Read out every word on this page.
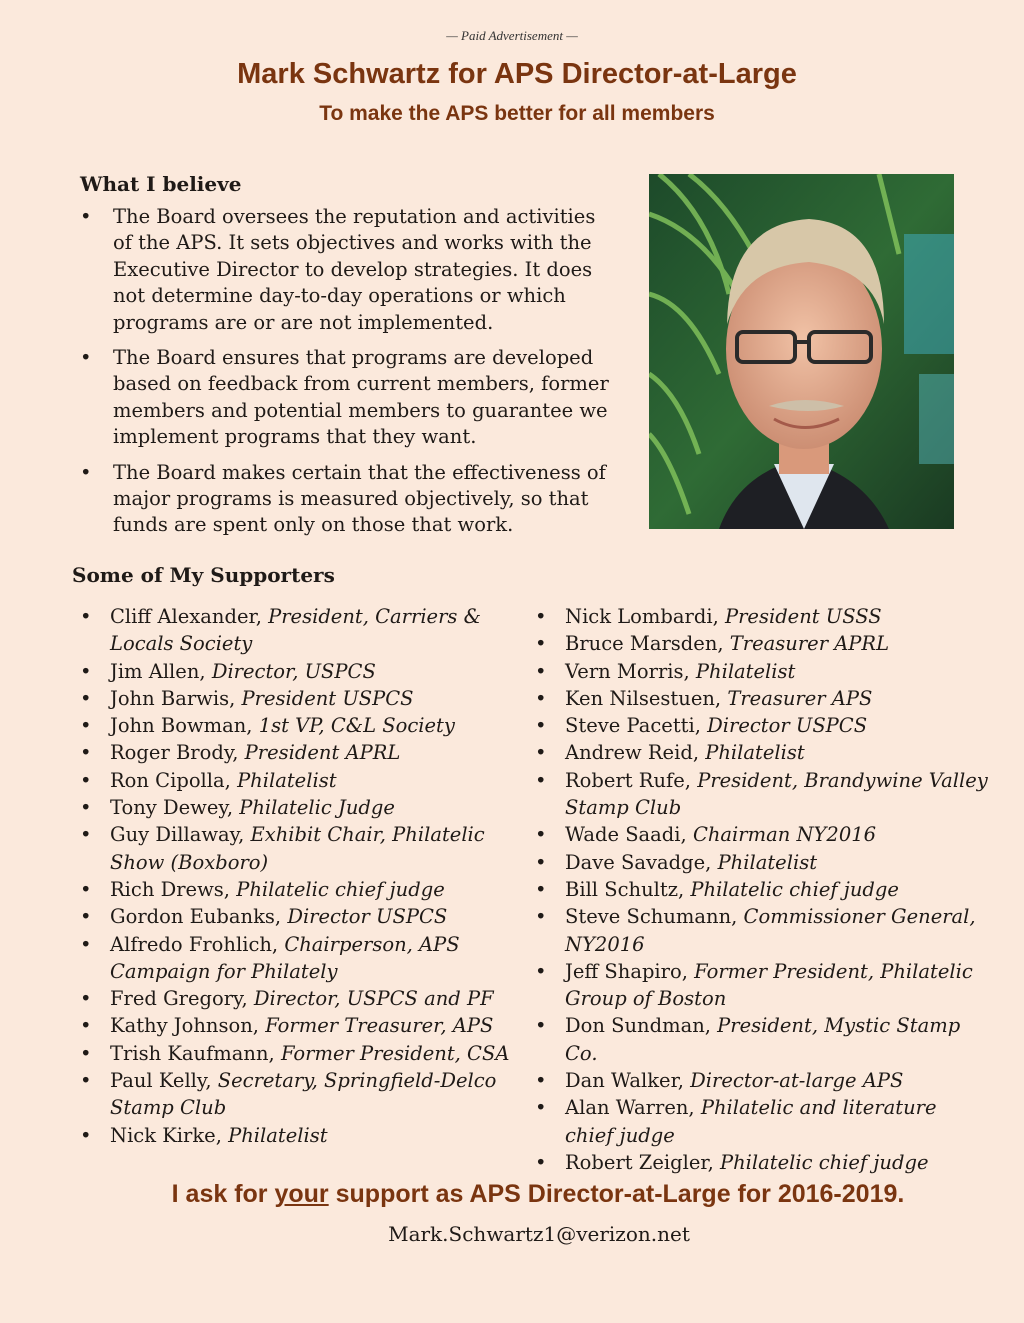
— Paid Advertisement —
Mark Schwartz for APS Director-at-Large
To make the APS better for all members
What I believe
• The Board oversees the reputation and activities of the APS. It sets objectives and works with the Executive Director to develop strategies. It does not determine day-to-day operations or which programs are or are not implemented.
• The Board ensures that programs are developed based on feedback from current members, former members and potential members to guarantee we implement programs that they want.
• The Board makes certain that the effectiveness of major programs is measured objectively, so that funds are spent only on those that work.
Some of My Supporters
• Cliff Alexander, President, Carriers & Locals Society
• Jim Allen, Director, USPCS
• John Barwis, President USPCS
• John Bowman, 1st VP, C&L Society
• Roger Brody, President APRL
• Ron Cipolla, Philatelist
• Tony Dewey, Philatelic Judge
• Guy Dillaway, Exhibit Chair, Philatelic Show (Boxboro)
• Rich Drews, Philatelic chief judge
• Gordon Eubanks, Director USPCS
• Alfredo Frohlich, Chairperson, APS Campaign for Philately
• Fred Gregory, Director, USPCS and PF
• Kathy Johnson, Former Treasurer, APS
• Trish Kaufmann, Former President, CSA
• Paul Kelly, Secretary, Springfield-Delco Stamp Club
• Nick Kirke, Philatelist
• Nick Lombardi, President USSS
• Bruce Marsden, Treasurer APRL
• Vern Morris, Philatelist
• Ken Nilsestuen, Treasurer APS
• Steve Pacetti, Director USPCS
• Andrew Reid, Philatelist
• Robert Rufe, President, Brandywine Valley Stamp Club
• Wade Saadi, Chairman NY2016
• Dave Savadge, Philatelist
• Bill Schultz, Philatelic chief judge
• Steve Schumann, Commissioner General, NY2016
• Jeff Shapiro, Former President, Philatelic Group of Boston
• Don Sundman, President, Mystic Stamp Co.
• Dan Walker, Director-at-large APS
• Alan Warren, Philatelic and literature chief judge
• Robert Zeigler, Philatelic chief judge
I ask for your support as APS Director-at-Large for 2016-2019.
Mark.Schwartz1@verizon.net
